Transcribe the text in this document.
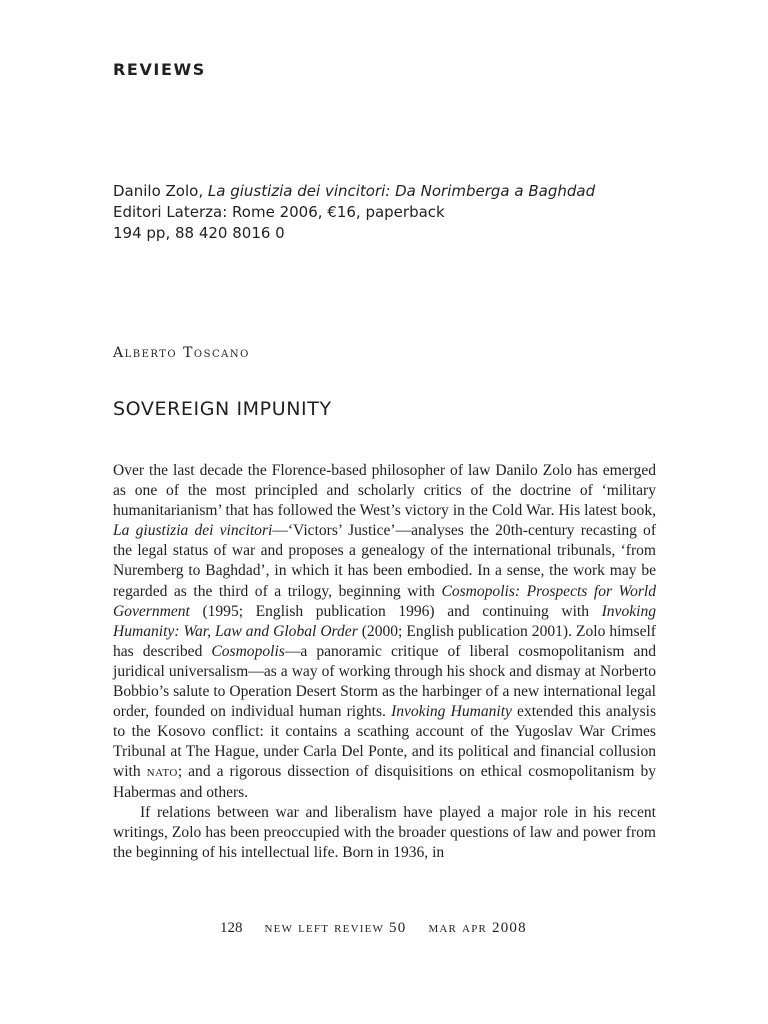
REVIEWS
Danilo Zolo, La giustizia dei vincitori: Da Norimberga a Baghdad
Editori Laterza: Rome 2006, €16, paperback
194 pp, 88 420 8016 0
Alberto Toscano
SOVEREIGN IMPUNITY

Over the last decade the Florence-based philosopher of law Danilo Zolo has emerged as one of the most principled and scholarly critics of the doctrine of ‘military humanitarianism’ that has followed the West’s victory in the Cold War. His latest book, La giustizia dei vincitori—‘Victors’ Justice’—analyses the 20th-century recasting of the legal status of war and proposes a genealogy of the international tribunals, ‘from Nuremberg to Baghdad’, in which it has been embodied. In a sense, the work may be regarded as the third of a trilogy, beginning with Cosmopolis: Prospects for World Government (1995; English publication 1996) and continuing with Invoking Humanity: War, Law and Global Order (2000; English publication 2001). Zolo himself has described Cosmopolis—a panoramic critique of liberal cosmopolitanism and juridical universalism—as a way of working through his shock and dismay at Norberto Bobbio’s salute to Operation Desert Storm as the harbinger of a new international legal order, founded on individual human rights. Invoking Humanity extended this analysis to the Kosovo conflict: it contains a scathing account of the Yugoslav War Crimes Tribunal at The Hague, under Carla Del Ponte, and its political and financial collusion with nato; and a rigorous dissection of disquisitions on ethical cosmopolitanism by Habermas and others.

If relations between war and liberalism have played a major role in his recent writings, Zolo has been preoccupied with the broader questions of law and power from the beginning of his intellectual life. Born in 1936, in

128 new left review 50 mar apr 2008
